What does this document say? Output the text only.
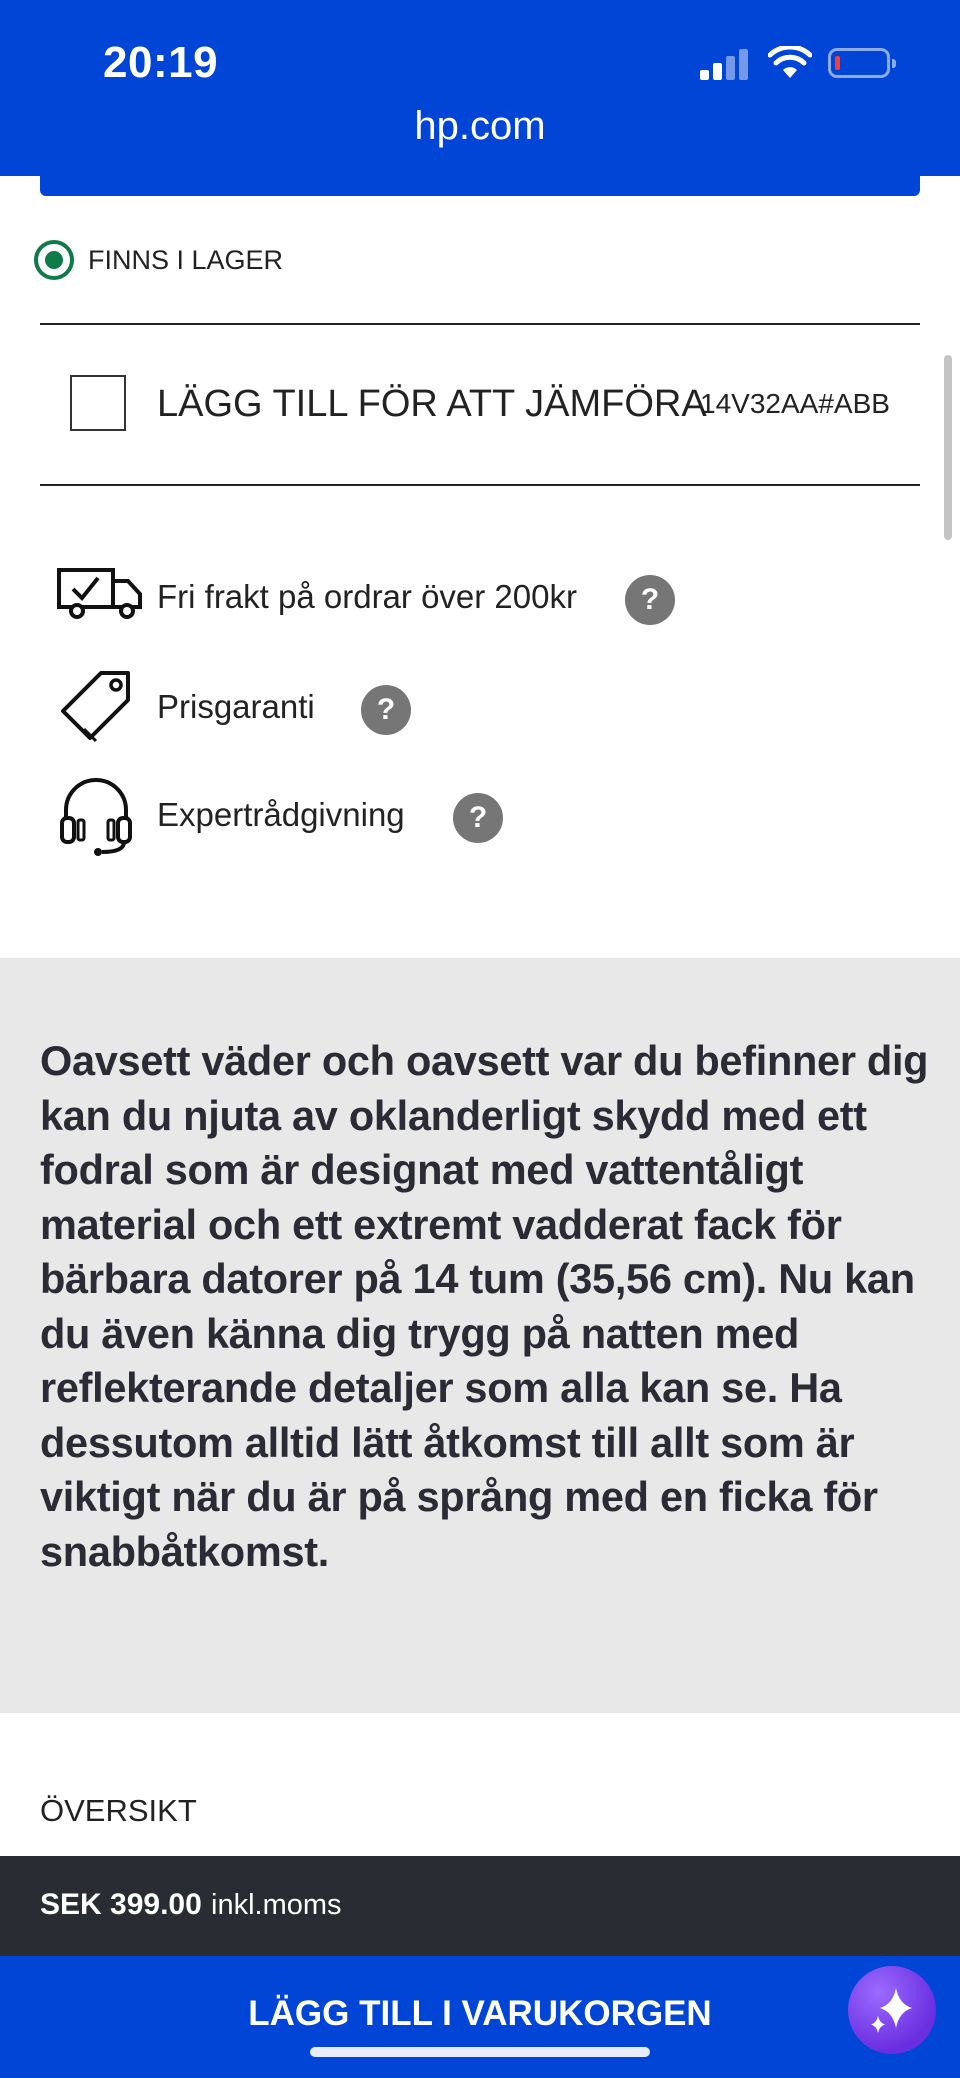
20:19
hp.com
FINNS I LAGER
LÄGG TILL FÖR ATT JÄMFÖRA
14V32AA#ABB
Fri frakt på ordrar över 200kr	?
Prisgaranti	?
Expertrådgivning	?

Oavsett väder och oavsett var du befinner dig kan du njuta av oklanderligt skydd med ett fodral som är designat med vattentåligt material och ett extremt vadderat fack för bärbara datorer på 14 tum (35,56 cm). Nu kan du även känna dig trygg på natten med reflekterande detaljer som alla kan se. Ha dessutom alltid lätt åtkomst till allt som är viktigt när du är på språng med en ficka för snabbåtkomst.

ÖVERSIKT
SEK 399.00 inkl.moms
LÄGG TILL I VARUKORGEN
